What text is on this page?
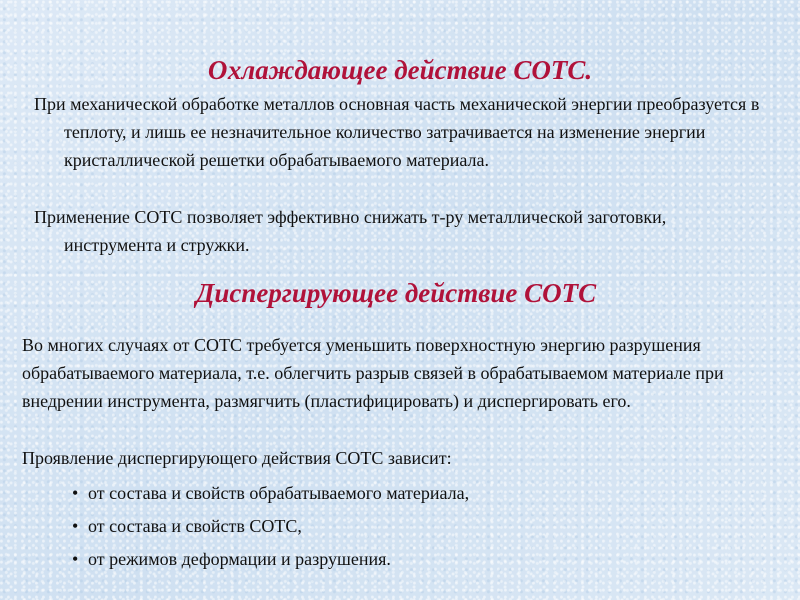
Охлаждающее действие СОТС.

При механической обработке металлов основная часть механической энергии преобразуется в теплоту, и лишь ее незначительное количество затрачивается на изменение энергии кристаллической решетки обрабатываемого материала.

Применение СОТС позволяет эффективно снижать т-ру металлической заготовки, инструмента и стружки.

Диспергирующее действие СОТС

Во многих случаях от СОТС требуется уменьшить поверхностную энергию разрушения обрабатываемого материала, т.е. облегчить разрыв связей в обрабатываемом материале при внедрении инструмента, размягчить (пластифицировать) и диспергировать его.

Проявление диспергирующего действия СОТС зависит:

• от состава и свойств обрабатываемого материала,
• от состава и свойств СОТС,
• от режимов деформации и разрушения.
